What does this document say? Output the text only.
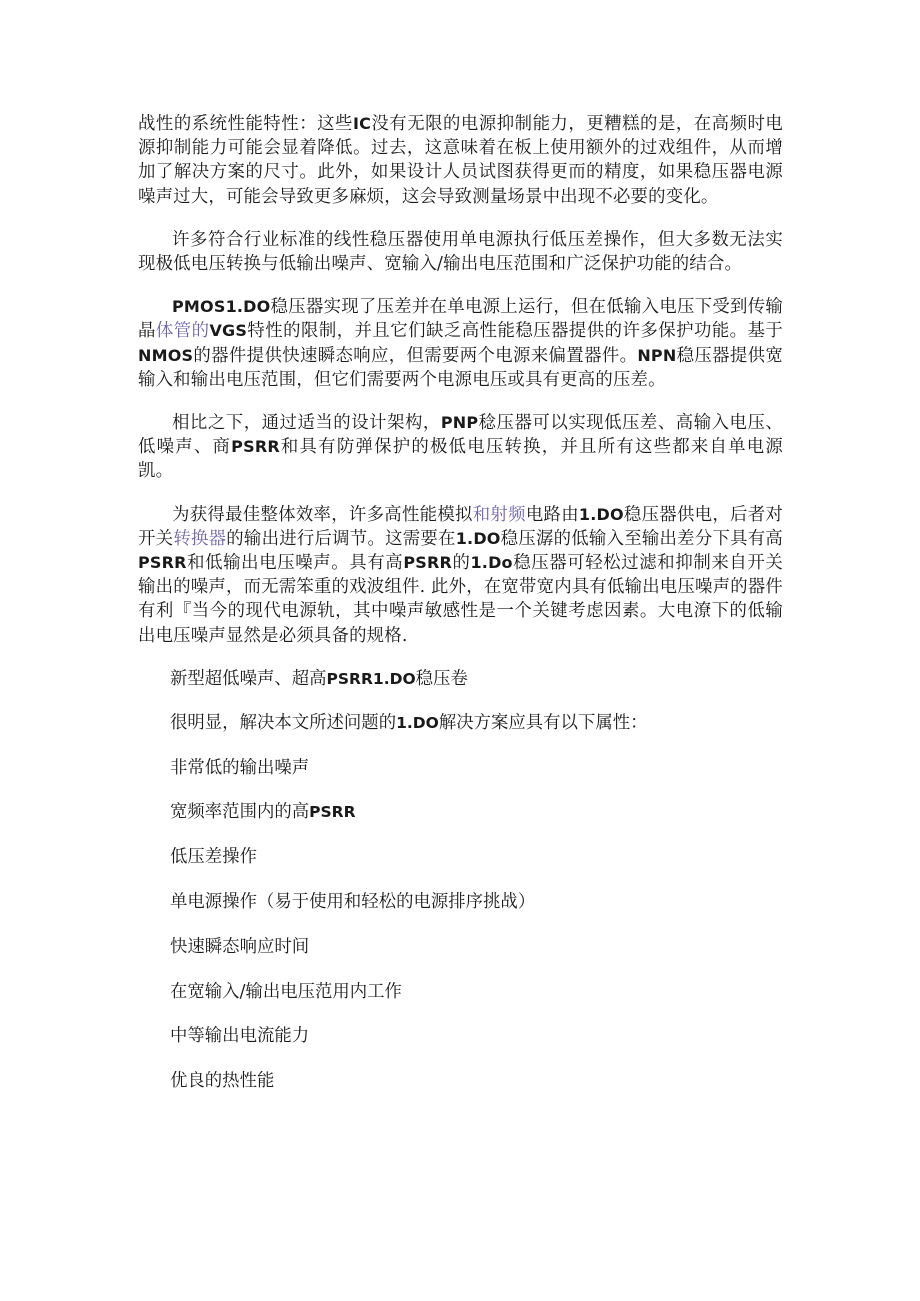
战性的系统性能特性：这些IC没有无限的电源抑制能力，更糟糕的是，在高频时电源抑制能力可能会显着降低。过去，这意味着在板上使用额外的过戏组件，从而增加了解决方案的尺寸。此外，如果设计人员试图获得更而的精度，如果稳压器电源噪声过大，可能会导致更多麻烦，这会导致测量场景中出现不必要的变化。

许多符合行业标准的线性稳压器使用单电源执行低压差操作，但大多数无法实现极低电压转换与低输出噪声、宽输入/输出电压范围和广泛保护功能的结合。

PMOS1.DO稳压器实现了压差并在单电源上运行，但在低输入电压下受到传输晶体管的VGS特性的限制，并且它们缺乏高性能稳压器提供的许多保护功能。基于NMOS的器件提供快速瞬态响应，但需要两个电源来偏置器件。NPN稳压器提供宽输入和输出电压范围，但它们需要两个电源电压或具有更高的压差。

相比之下，通过适当的设计架构，PNP稔压器可以实现低压差、高输入电压、低噪声、商PSRR和具有防弹保护的极低电压转换，并且所有这些都来自单电源凯。

为获得最佳整体效率，许多高性能模拟和射频电路由1.DO稳压器供电，后者对开关转换器的输出进行后调节。这需要在1.DO稳压潺的低输入至输出差分下具有高PSRR和低输出电压噪声。具有高PSRR的1.Do稳压器可轻松过滤和抑制来自开关输出的噪声，而无需笨重的戏波组件. 此外，在宽带宽内具有低输出电压噪声的器件有利『当今的现代电源轨，其中噪声敏感性是一个关键考虑因素。大电潦下的低输出电压噪声显然是必须具备的规格.

新型超低噪声、超高PSRR1.DO稳压卷
很明显，解决本文所述问题的1.DO解决方案应具有以下属性：
非常低的输出噪声
宽频率范围内的高PSRR
低压差操作
单电源操作（易于使用和轻松的电源排序挑战）
快速瞬态响应时间
在宽输入/输出电压范用内工作
中等输出电流能力
优良的热性能
